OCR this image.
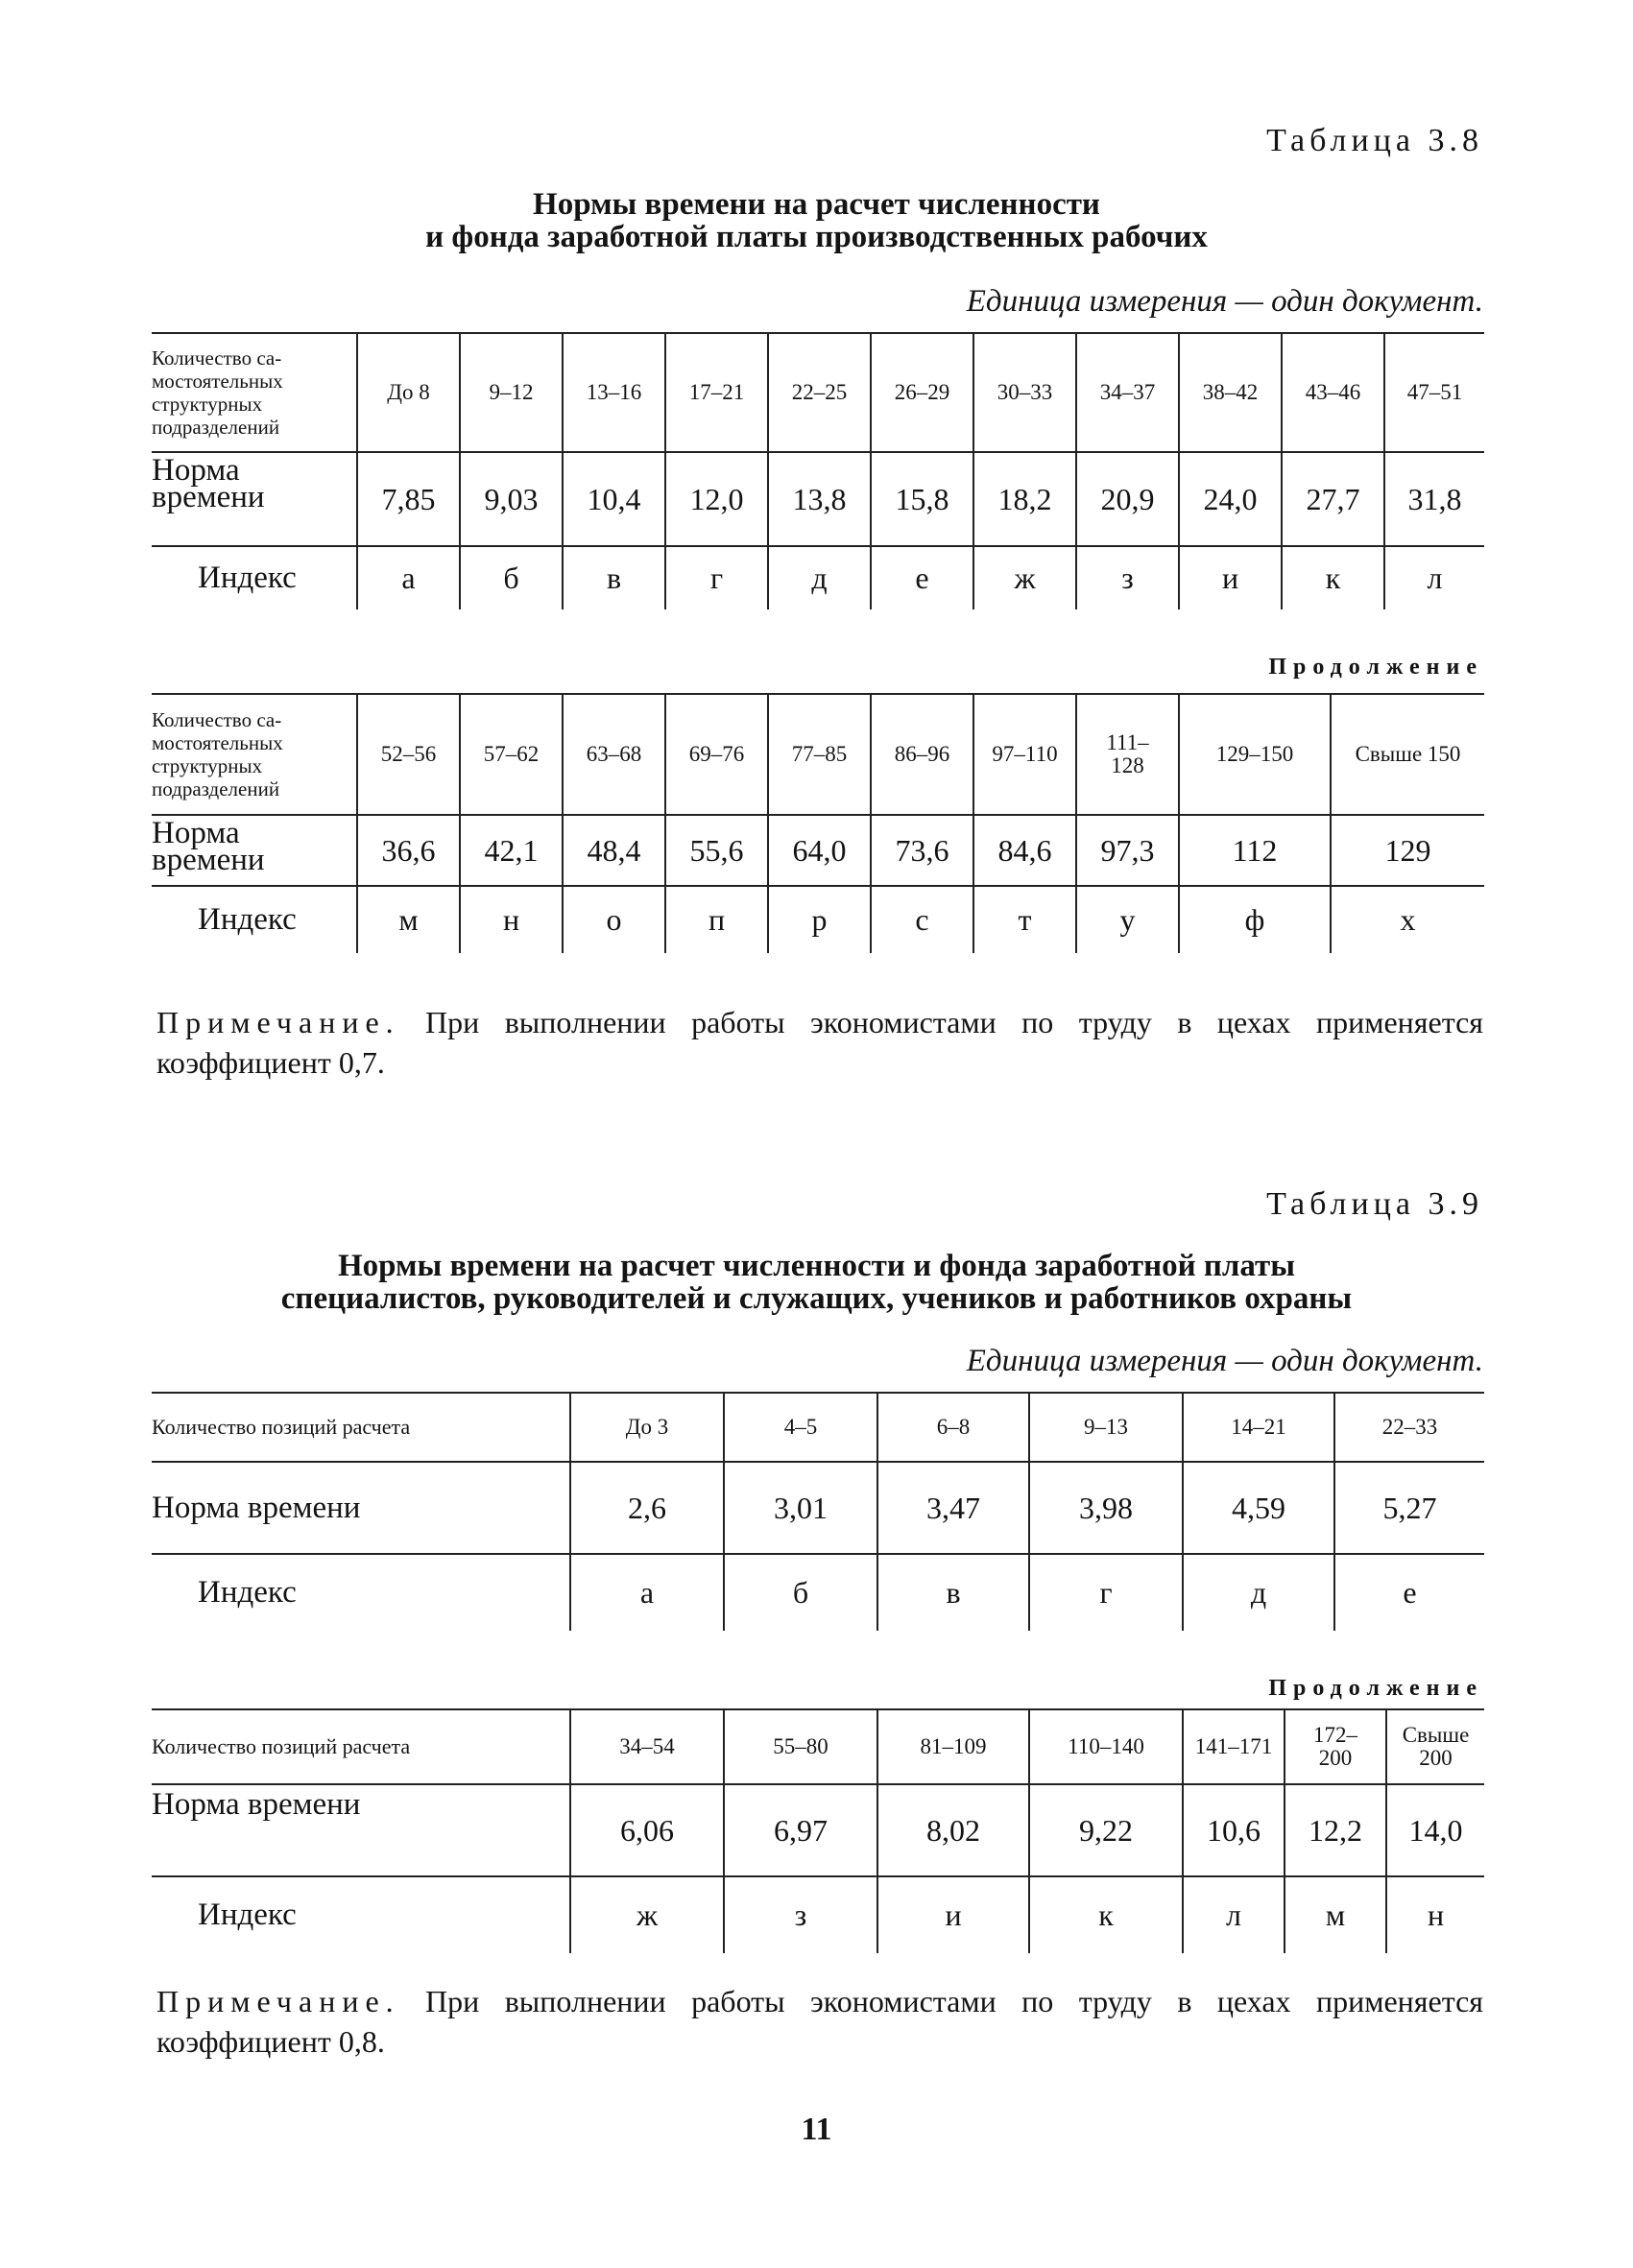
Таблица 3.8
Нормы времени на расчет численности
и фонда заработной платы производственных рабочих
Единица измерения — один документ.
Количество са-мостоятельных структурных подразделений	До 8	9–12	13–16	17–21	22–25	26–29	30–33	34–37	38–42	43–46	47–51
Норма времени	7,85	9,03	10,4	12,0	13,8	15,8	18,2	20,9	24,0	27,7	31,8
Индекс	а	б	в	г	д	е	ж	з	и	к	л
Продолжение
Количество са-мостоятельных структурных подразделений	52–56	57–62	63–68	69–76	77–85	86–96	97–110	111–128	129–150	Свыше 150
Норма времени	36,6	42,1	48,4	55,6	64,0	73,6	84,6	97,3	112	129
Индекс	м	н	о	п	р	с	т	у	ф	х
Примечание. При выполнении работы экономистами по труду в цехах применяется коэффициент 0,7.
Таблица 3.9
Нормы времени на расчет численности и фонда заработной платы
специалистов, руководителей и служащих, учеников и работников охраны
Единица измерения — один документ.
Количество позиций расчета	До 3	4–5	6–8	9–13	14–21	22–33
Норма времени	2,6	3,01	3,47	3,98	4,59	5,27
Индекс	а	б	в	г	д	е
Продолжение
Количество позиций расчета	34–54	55–80	81–109	110–140	141–171	172–200	Свыше 200
Норма времени	6,06	6,97	8,02	9,22	10,6	12,2	14,0
Индекс	ж	з	и	к	л	м	н
Примечание. При выполнении работы экономистами по труду в цехах применяется коэффициент 0,8.
11
